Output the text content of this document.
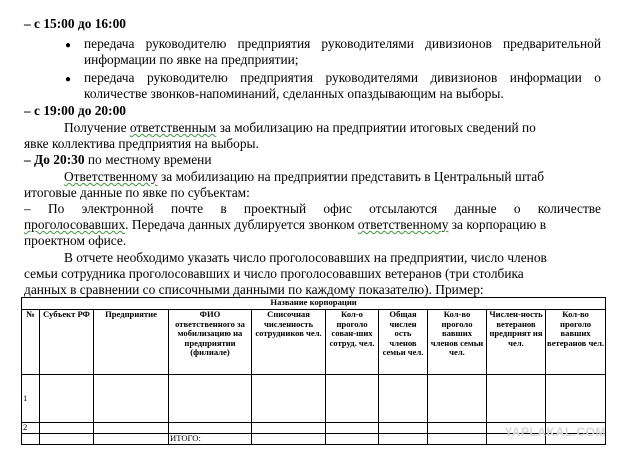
– с 15:00 до 16:00
● передача руководителю предприятия руководителями дивизионов предварительной
информации по явке на предприятии;
● передача руководителю предприятия руководителями дивизионов информации о
количестве звонков-напоминаний, сделанных опаздывающим на выборы.
– с 19:00 до 20:00
Получение ответственным за мобилизацию на предприятии итоговых сведений по
явке коллектива предприятия на выборы.
– До 20:30 по местному времени
Ответственному за мобилизацию на предприятии представить в Центральный штаб
итоговые данные по явке по субъектам:
– По электронной почте в проектный офис отсылаются данные о количестве
проголосовавших. Передача данных дублируется звонком ответственному за корпорацию в
проектном офисе.
В отчете необходимо указать число проголосовавших на предприятии, число членов
семьи сотрудника проголосовавших и число проголосовавших ветеранов (три столбика
данных в сравнении со списочными данными по каждому показателю). Пример:
Название корпорации									
№	Субъект РФ	Предприятие	ФИО ответственного за мобилизацию на предприятии (филиале)	Списочная численность сотрудников чел.	Кол-о проголо сован-ших сотруд. чел.	Общая числен ость членов семьи чел.	Кол-во проголо вавших членов семьи чел.	Числен-ность ветеранов предприят ия чел.	Кол-во проголо вавших ветеранов чел.
1									
2									
			ИТОГО:							YAPLAKAL.COM
